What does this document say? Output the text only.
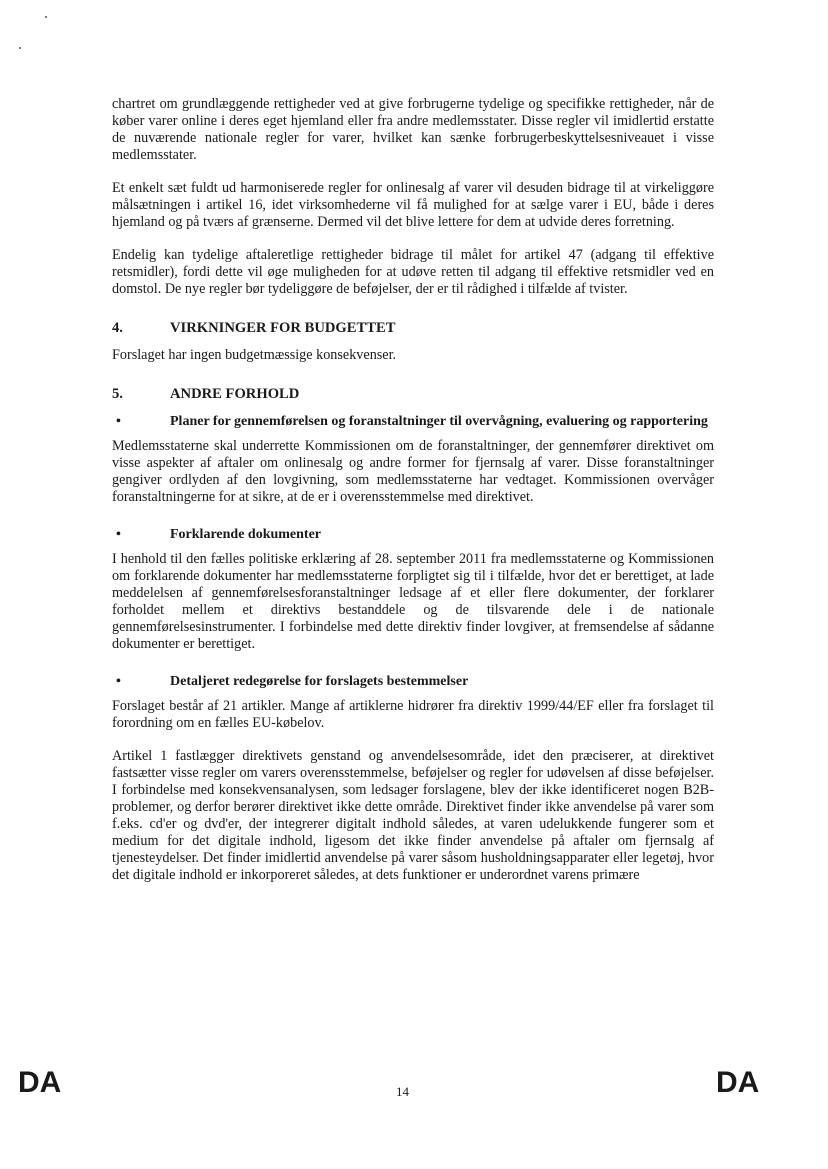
chartret om grundlæggende rettigheder ved at give forbrugerne tydelige og specifikke rettigheder, når de køber varer online i deres eget hjemland eller fra andre medlemsstater. Disse regler vil imidlertid erstatte de nuværende nationale regler for varer, hvilket kan sænke forbrugerbeskyttelsesniveauet i visse medlemsstater.

Et enkelt sæt fuldt ud harmoniserede regler for onlinesalg af varer vil desuden bidrage til at virkeliggøre målsætningen i artikel 16, idet virksomhederne vil få mulighed for at sælge varer i EU, både i deres hjemland og på tværs af grænserne. Dermed vil det blive lettere for dem at udvide deres forretning.

Endelig kan tydelige aftaleretlige rettigheder bidrage til målet for artikel 47 (adgang til effektive retsmidler), fordi dette vil øge muligheden for at udøve retten til adgang til effektive retsmidler ved en domstol. De nye regler bør tydeliggøre de beføjelser, der er til rådighed i tilfælde af tvister.

4.	VIRKNINGER FOR BUDGETTET

Forslaget har ingen budgetmæssige konsekvenser.

5.	ANDRE FORHOLD
•	Planer for gennemførelsen og foranstaltninger til overvågning, evaluering og rapportering

Medlemsstaterne skal underrette Kommissionen om de foranstaltninger, der gennemfører direktivet om visse aspekter af aftaler om onlinesalg og andre former for fjernsalg af varer. Disse foranstaltninger gengiver ordlyden af den lovgivning, som medlemsstaterne har vedtaget. Kommissionen overvåger foranstaltningerne for at sikre, at de er i overensstemmelse med direktivet.

•	Forklarende dokumenter

I henhold til den fælles politiske erklæring af 28. september 2011 fra medlemsstaterne og Kommissionen om forklarende dokumenter har medlemsstaterne forpligtet sig til i tilfælde, hvor det er berettiget, at lade meddelelsen af gennemførelsesforanstaltninger ledsage af et eller flere dokumenter, der forklarer forholdet mellem et direktivs bestanddele og de tilsvarende dele i de nationale gennemførelsesinstrumenter. I forbindelse med dette direktiv finder lovgiver, at fremsendelse af sådanne dokumenter er berettiget.

•	Detaljeret redegørelse for forslagets bestemmelser

Forslaget består af 21 artikler. Mange af artiklerne hidrører fra direktiv 1999/44/EF eller fra forslaget til forordning om en fælles EU-købelov.

Artikel 1 fastlægger direktivets genstand og anvendelsesområde, idet den præciserer, at direktivet fastsætter visse regler om varers overensstemmelse, beføjelser og regler for udøvelsen af disse beføjelser. I forbindelse med konsekvensanalysen, som ledsager forslagene, blev der ikke identificeret nogen B2B-problemer, og derfor berører direktivet ikke dette område. Direktivet finder ikke anvendelse på varer som f.eks. cd'er og dvd'er, der integrerer digitalt indhold således, at varen udelukkende fungerer som et medium for det digitale indhold, ligesom det ikke finder anvendelse på aftaler om fjernsalg af tjenesteydelser. Det finder imidlertid anvendelse på varer såsom husholdningsapparater eller legetøj, hvor det digitale indhold er inkorporeret således, at dets funktioner er underordnet varens primære

DA	14	DA
